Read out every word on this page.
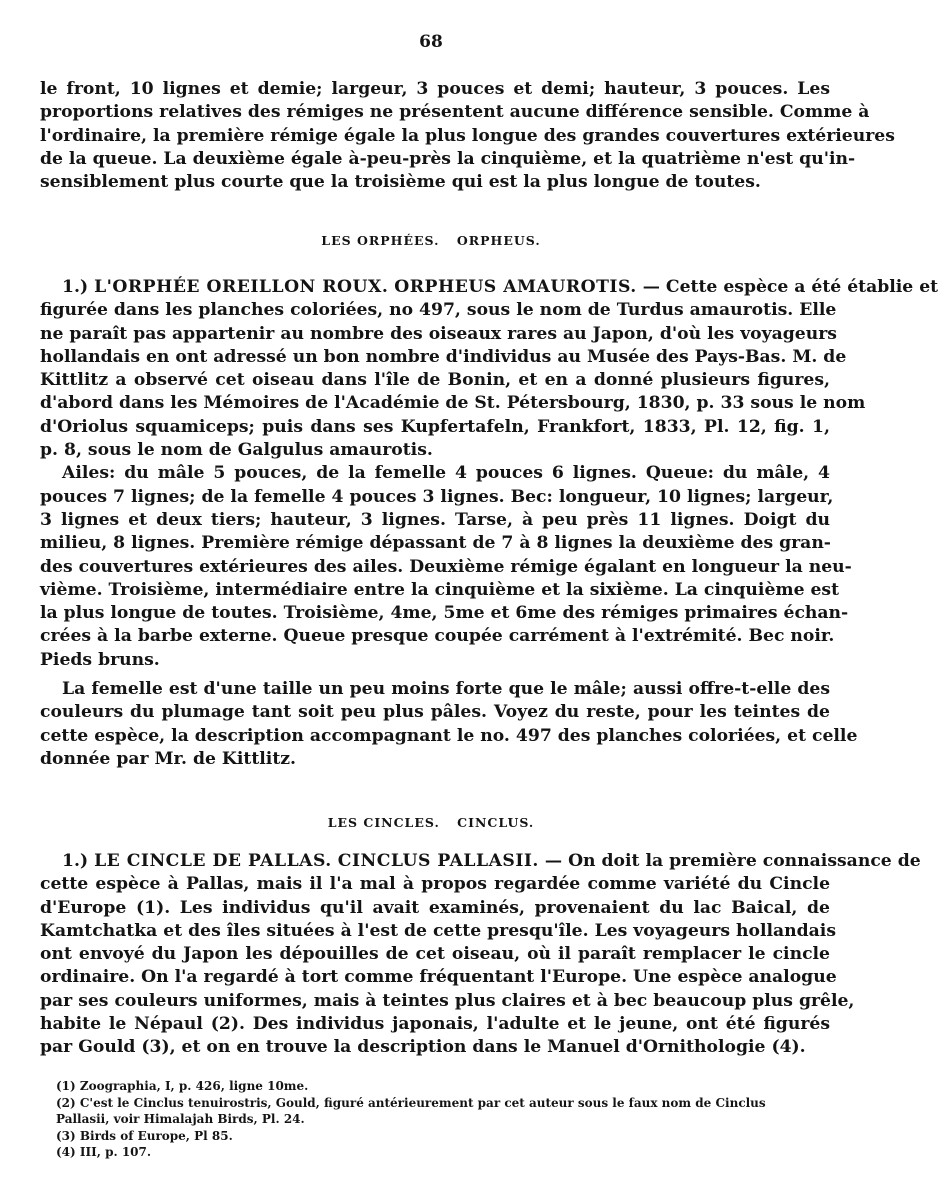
68
le front, 10 lignes et demie; largeur, 3 pouces et demi; hauteur, 3 pouces. Les
proportions relatives des rémiges ne présentent aucune différence sensible. Comme à
l'ordinaire, la première rémige égale la plus longue des grandes couvertures extérieures
de la queue. La deuxième égale à-peu-près la cinquième, et la quatrième n'est qu'in-
sensiblement plus courte que la troisième qui est la plus longue de toutes.
LES ORPHÉES. ORPHEUS.
1.) L'ORPHÉE OREILLON ROUX. ORPHEUS AMAUROTIS. — Cette espèce a été établie et
figurée dans les planches coloriées, no 497, sous le nom de Turdus amaurotis. Elle
ne paraît pas appartenir au nombre des oiseaux rares au Japon, d'où les voyageurs
hollandais en ont adressé un bon nombre d'individus au Musée des Pays-Bas. M. de
Kittlitz a observé cet oiseau dans l'île de Bonin, et en a donné plusieurs figures,
d'abord dans les Mémoires de l'Académie de St. Pétersbourg, 1830, p. 33 sous le nom
d'Oriolus squamiceps; puis dans ses Kupfertafeln, Frankfort, 1833, Pl. 12, fig. 1,
p. 8, sous le nom de Galgulus amaurotis.
Ailes: du mâle 5 pouces, de la femelle 4 pouces 6 lignes. Queue: du mâle, 4
pouces 7 lignes; de la femelle 4 pouces 3 lignes. Bec: longueur, 10 lignes; largeur,
3 lignes et deux tiers; hauteur, 3 lignes. Tarse, à peu près 11 lignes. Doigt du
milieu, 8 lignes. Première rémige dépassant de 7 à 8 lignes la deuxième des gran-
des couvertures extérieures des ailes. Deuxième rémige égalant en longueur la neu-
vième. Troisième, intermédiaire entre la cinquième et la sixième. La cinquième est
la plus longue de toutes. Troisième, 4me, 5me et 6me des rémiges primaires échan-
crées à la barbe externe. Queue presque coupée carrément à l'extrémité. Bec noir.
Pieds bruns.
La femelle est d'une taille un peu moins forte que le mâle; aussi offre-t-elle des
couleurs du plumage tant soit peu plus pâles. Voyez du reste, pour les teintes de
cette espèce, la description accompagnant le no. 497 des planches coloriées, et celle
donnée par Mr. de Kittlitz.
LES CINCLES. CINCLUS.
1.) LE CINCLE DE PALLAS. CINCLUS PALLASII. — On doit la première connaissance de
cette espèce à Pallas, mais il l'a mal à propos regardée comme variété du Cincle
d'Europe (1). Les individus qu'il avait examinés, provenaient du lac Baical, de
Kamtchatka et des îles situées à l'est de cette presqu'île. Les voyageurs hollandais
ont envoyé du Japon les dépouilles de cet oiseau, où il paraît remplacer le cincle
ordinaire. On l'a regardé à tort comme fréquentant l'Europe. Une espèce analogue
par ses couleurs uniformes, mais à teintes plus claires et à bec beaucoup plus grêle,
habite le Népaul (2). Des individus japonais, l'adulte et le jeune, ont été figurés
par Gould (3), et on en trouve la description dans le Manuel d'Ornithologie (4).
(1) Zoographia, I, p. 426, ligne 10me.
(2) C'est le Cinclus tenuirostris, Gould, figuré antérieurement par cet auteur sous le faux nom de Cinclus
Pallasii, voir Himalajah Birds, Pl. 24.
(3) Birds of Europe, Pl 85.
(4) III, p. 107.
